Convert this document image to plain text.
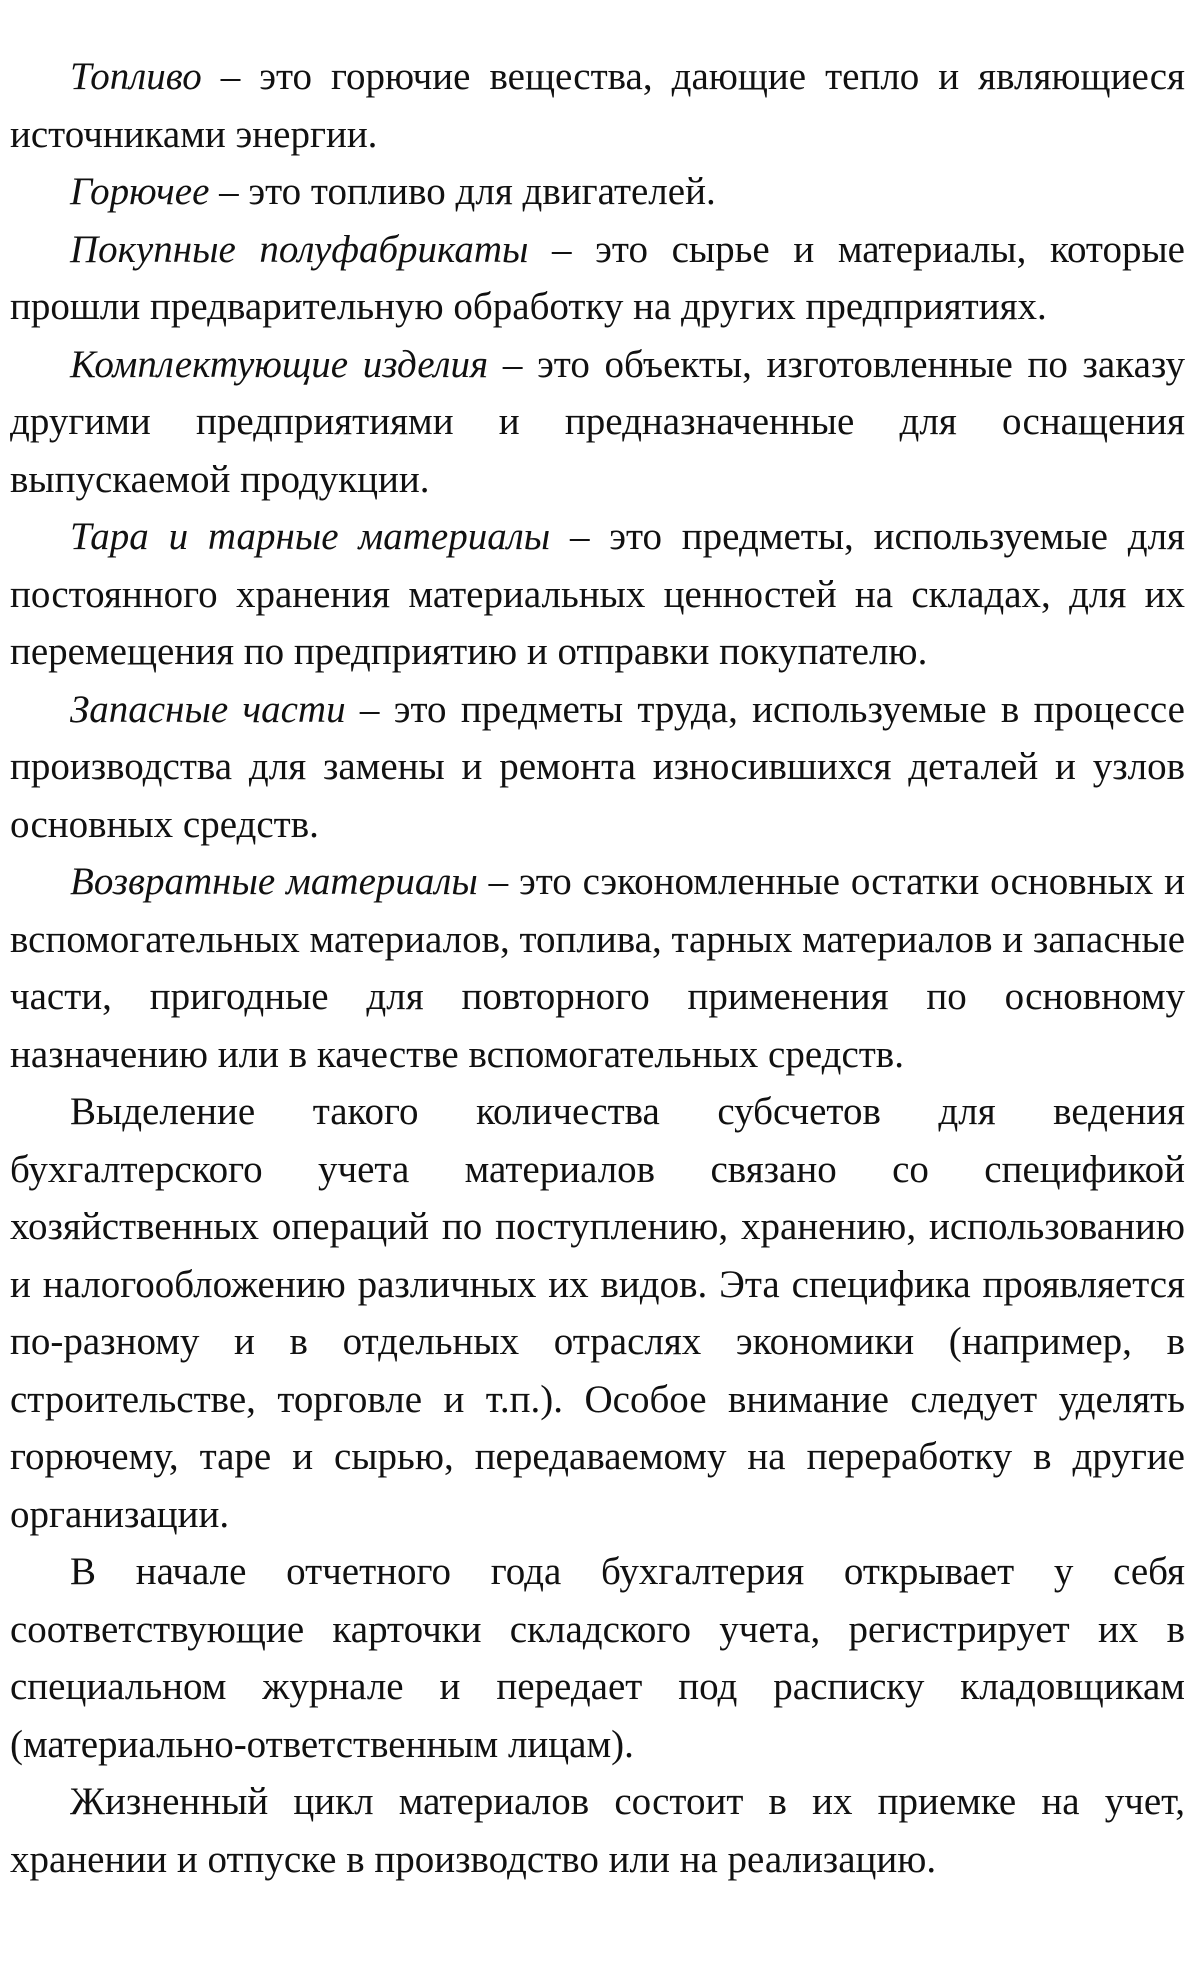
Топливо – это горючие вещества, дающие тепло и являющиеся источниками энергии.

Горючее – это топливо для двигателей.

Покупные полуфабрикаты – это сырье и материалы, которые прошли предварительную обработку на других предприятиях.

Комплектующие изделия – это объекты, изготовленные по заказу другими предприятиями и предназначенные для оснащения выпускаемой продукции.

Тара и тарные материалы – это предметы, используемые для постоянного хранения материальных ценностей на складах, для их перемещения по предприятию и отправки покупателю.

Запасные части – это предметы труда, используемые в процессе производства для замены и ремонта износившихся деталей и узлов основных средств.

Возвратные материалы – это сэкономленные остатки основных и вспомогательных материалов, топлива, тарных материалов и запасные части, пригодные для повторного применения по основному назначению или в качестве вспомогательных средств.

Выделение такого количества субсчетов для ведения бухгалтерского учета материалов связано со спецификой хозяйственных операций по поступлению, хранению, использованию и налогообложению различных их видов. Эта специфика проявляется по-разному и в отдельных отраслях экономики (например, в строительстве, торговле и т.п.). Особое внимание следует уделять горючему, таре и сырью, передаваемому на переработку в другие организации.

В начале отчетного года бухгалтерия открывает у себя соответствующие карточки складского учета, регистрирует их в специальном журнале и передает под расписку кладовщикам (материально-ответственным лицам).

Жизненный цикл материалов состоит в их приемке на учет, хранении и отпуске в производство или на реализацию.
